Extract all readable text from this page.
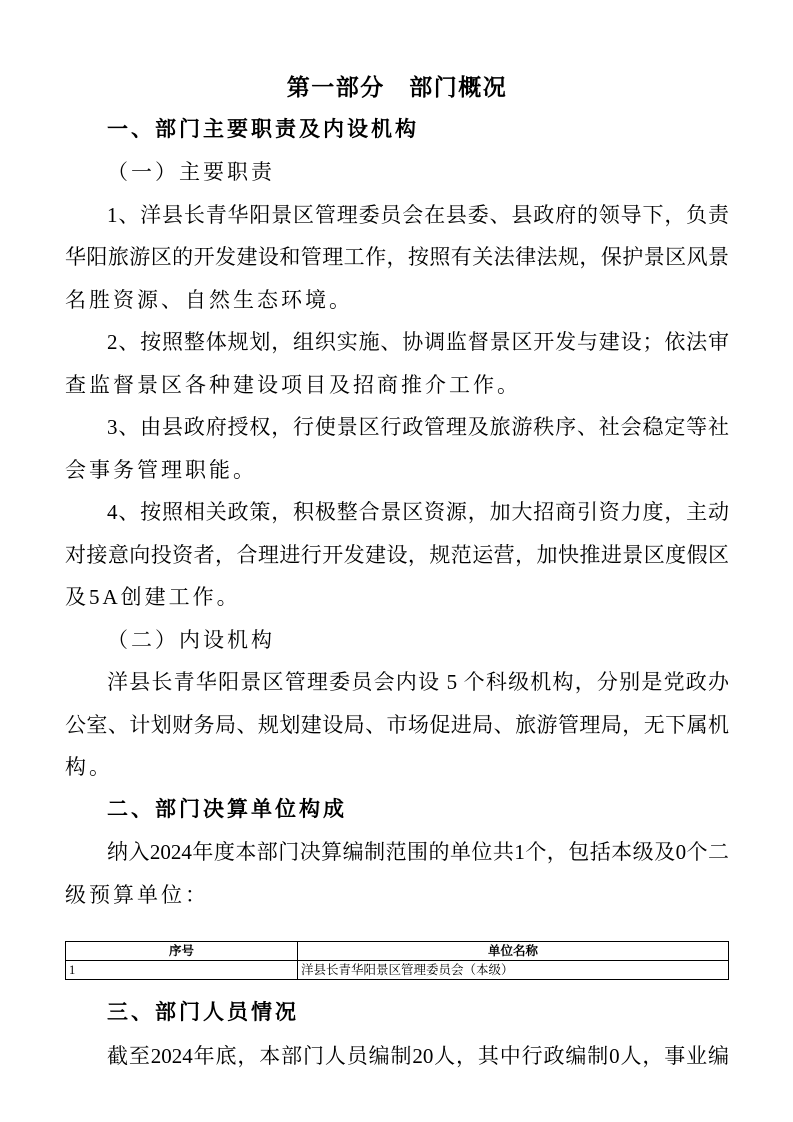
第一部分　部门概况
一、部门主要职责及内设机构
（一）主要职责
1、洋县长青华阳景区管理委员会在县委、县政府的领导下，负责
华阳旅游区的开发建设和管理工作，按照有关法律法规，保护景区风景
名胜资源、自然生态环境。
2、按照整体规划，组织实施、协调监督景区开发与建设；依法审
查监督景区各种建设项目及招商推介工作。
3、由县政府授权，行使景区行政管理及旅游秩序、社会稳定等社
会事务管理职能。
4、按照相关政策，积极整合景区资源，加大招商引资力度，主动
对接意向投资者，合理进行开发建设，规范运营，加快推进景区度假区
及5A创建工作。
（二）内设机构
洋县长青华阳景区管理委员会内设 5 个科级机构，分别是党政办
公室、计划财务局、规划建设局、市场促进局、旅游管理局，无下属机
构。
二、部门决算单位构成
纳入2024年度本部门决算编制范围的单位共1个，包括本级及0个二
级预算单位：
序号	单位名称
1	洋县长青华阳景区管理委员会（本级）
三、部门人员情况
截至2024年底，本部门人员编制20人，其中行政编制0人，事业编
